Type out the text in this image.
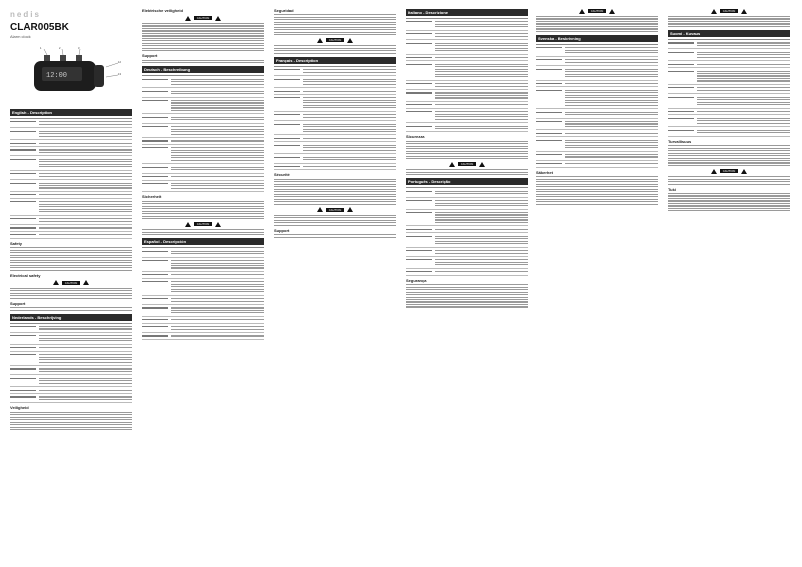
nedis
CLAR005BK
Alarm clock
12:00
1	2	3
12
13
English - Description
Safety
Electrical safety
CAUTION
Support
Nederlands - Beschrijving
Veiligheid
Elektrische veiligheid
CAUTION
Support
Deutsch - Beschreibung
Sicherheit
CAUTION
Español - Descripción
Seguridad
CAUTION
Français - Description
Sécurité
CAUTION
Support
Italiano - Descrizione
Sicurezza
CAUTION
Português - Descrição
Segurança
CAUTION
Svenska - Beskrivning
Säkerhet
CAUTION
Suomi - Kuvaus
Turvallisuus
CAUTION
Tuki
